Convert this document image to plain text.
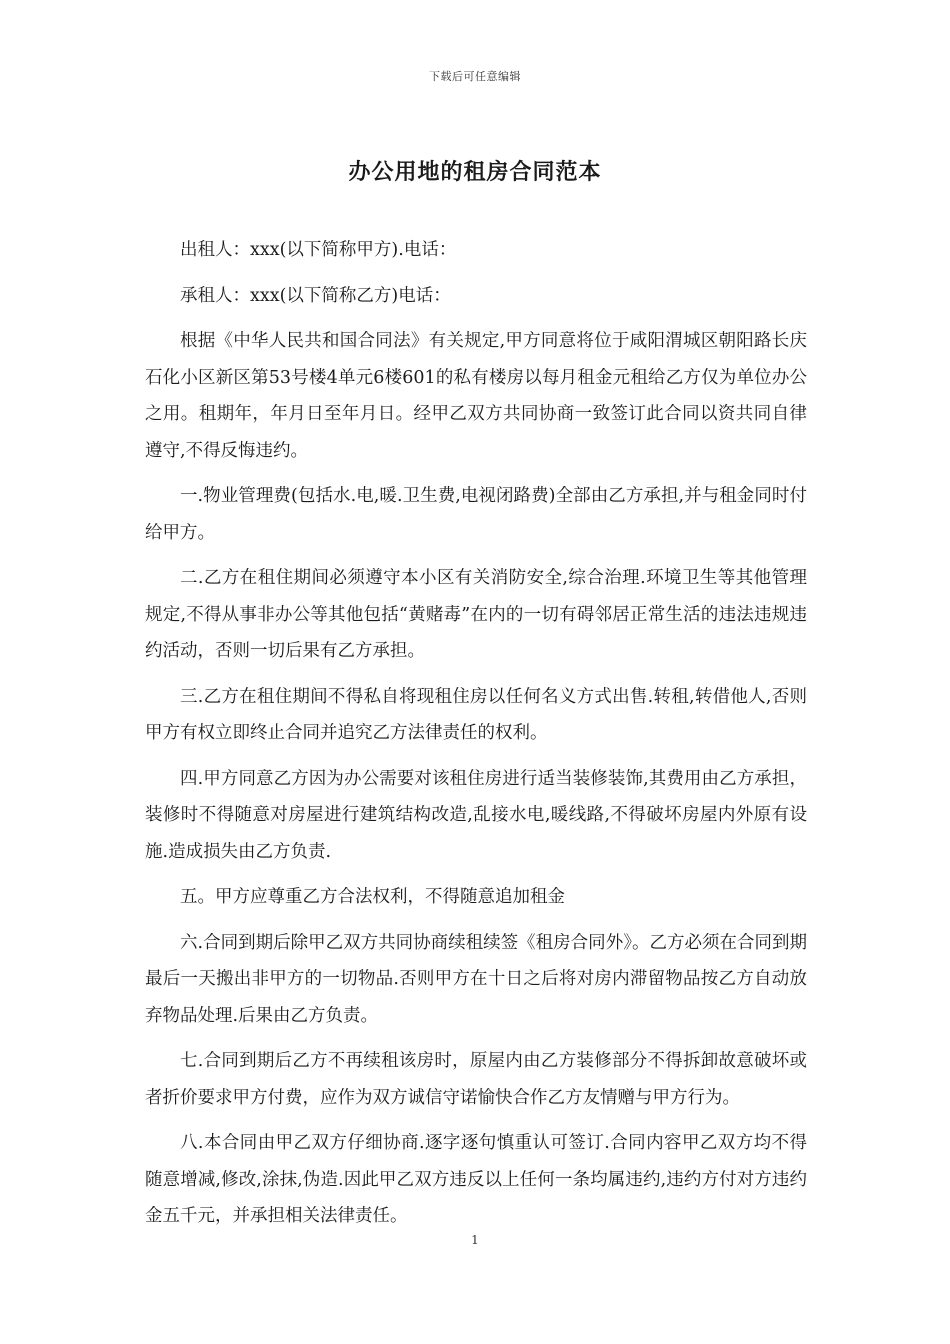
下载后可任意编辑
办公用地的租房合同范本

出租人：xxx(以下简称甲方).电话：

承租人：xxx(以下简称乙方)电话：

根据《中华人民共和国合同法》有关规定,甲方同意将位于咸阳渭城区朝阳路长庆石化小区新区第53号楼4单元6楼601的私有楼房以每月租金元租给乙方仅为单位办公之用。租期年，年月日至年月日。经甲乙双方共同协商一致签订此合同以资共同自律遵守,不得反悔违约。

一.物业管理费(包括水.电,暖.卫生费,电视闭路费)全部由乙方承担,并与租金同时付给甲方。

二.乙方在租住期间必须遵守本小区有关消防安全,综合治理.环境卫生等其他管理规定,不得从事非办公等其他包括“黄赌毒”在内的一切有碍邻居正常生活的违法违规违约活动，否则一切后果有乙方承担。

三.乙方在租住期间不得私自将现租住房以任何名义方式出售.转租,转借他人,否则甲方有权立即终止合同并追究乙方法律责任的权利。

四.甲方同意乙方因为办公需要对该租住房进行适当装修装饰,其费用由乙方承担，装修时不得随意对房屋进行建筑结构改造,乱接水电,暖线路,不得破坏房屋内外原有设施.造成损失由乙方负责.

五。甲方应尊重乙方合法权利，不得随意追加租金

六.合同到期后除甲乙双方共同协商续租续签《租房合同外》。乙方必须在合同到期最后一天搬出非甲方的一切物品.否则甲方在十日之后将对房内滞留物品按乙方自动放弃物品处理.后果由乙方负责。

七.合同到期后乙方不再续租该房时，原屋内由乙方装修部分不得拆卸故意破坏或者折价要求甲方付费，应作为双方诚信守诺愉快合作乙方友情赠与甲方行为。

八.本合同由甲乙双方仔细协商.逐字逐句慎重认可签订.合同内容甲乙双方均不得随意增减,修改,涂抹,伪造.因此甲乙双方违反以上任何一条均属违约,违约方付对方违约金五千元，并承担相关法律责任。

1
